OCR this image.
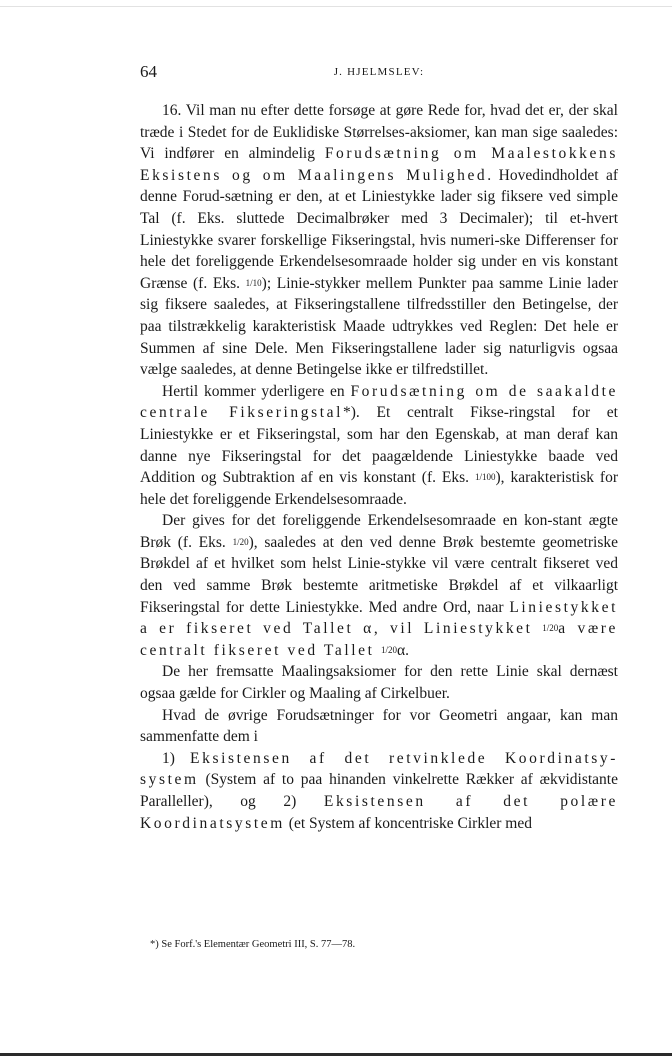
64	J. HJELMSLEV:

16. Vil man nu efter dette forsøge at gøre Rede for, hvad det er, der skal træde i Stedet for de Euklidiske Størrelses-aksiomer, kan man sige saaledes: Vi indfører en almindelig Forudsætning om Maalestokkens Eksistens og om Maalingens Mulighed. Hovedindholdet af denne Forud-sætning er den, at et Liniestykke lader sig fiksere ved simple Tal (f. Eks. sluttede Decimalbrøker med 3 Decimaler); til et-hvert Liniestykke svarer forskellige Fikseringstal, hvis numeri-ske Differenser for hele det foreliggende Erkendelsesomraade holder sig under en vis konstant Grænse (f. Eks. 1/10); Linie-stykker mellem Punkter paa samme Linie lader sig fiksere saaledes, at Fikseringstallene tilfredsstiller den Betingelse, der paa tilstrækkelig karakteristisk Maade udtrykkes ved Reglen: Det hele er Summen af sine Dele. Men Fikseringstallene lader sig naturligvis ogsaa vælge saaledes, at denne Betingelse ikke er tilfredstillet.

Hertil kommer yderligere en Forudsætning om de saakaldte centrale Fikseringstal*). Et centralt Fikse-ringstal for et Liniestykke er et Fikseringstal, som har den Egenskab, at man deraf kan danne nye Fikseringstal for det paagældende Liniestykke baade ved Addition og Subtraktion af en vis konstant (f. Eks. 1/100), karakteristisk for hele det foreliggende Erkendelsesomraade.

Der gives for det foreliggende Erkendelsesomraade en kon-stant ægte Brøk (f. Eks. 1/20), saaledes at den ved denne Brøk bestemte geometriske Brøkdel af et hvilket som helst Linie-stykke vil være centralt fikseret ved den ved samme Brøk bestemte aritmetiske Brøkdel af et vilkaarligt Fikseringstal for dette Liniestykke. Med andre Ord, naar Liniestykket a er fikseret ved Tallet α, vil Liniestykket 1/20a være centralt fikseret ved Tallet 1/20α.

De her fremsatte Maalingsaksiomer for den rette Linie skal dernæst ogsaa gælde for Cirkler og Maaling af Cirkelbuer.

Hvad de øvrige Forudsætninger for vor Geometri angaar, kan man sammenfatte dem i

1) Eksistensen af det retvinklede Koordinatsy-system (System af to paa hinanden vinkelrette Rækker af ækvidistante Paralleller), og 2) Eksistensen af det polære Koordinatsystem (et System af koncentriske Cirkler med

*) Se Forf.'s Elementær Geometri III, S. 77—78.
